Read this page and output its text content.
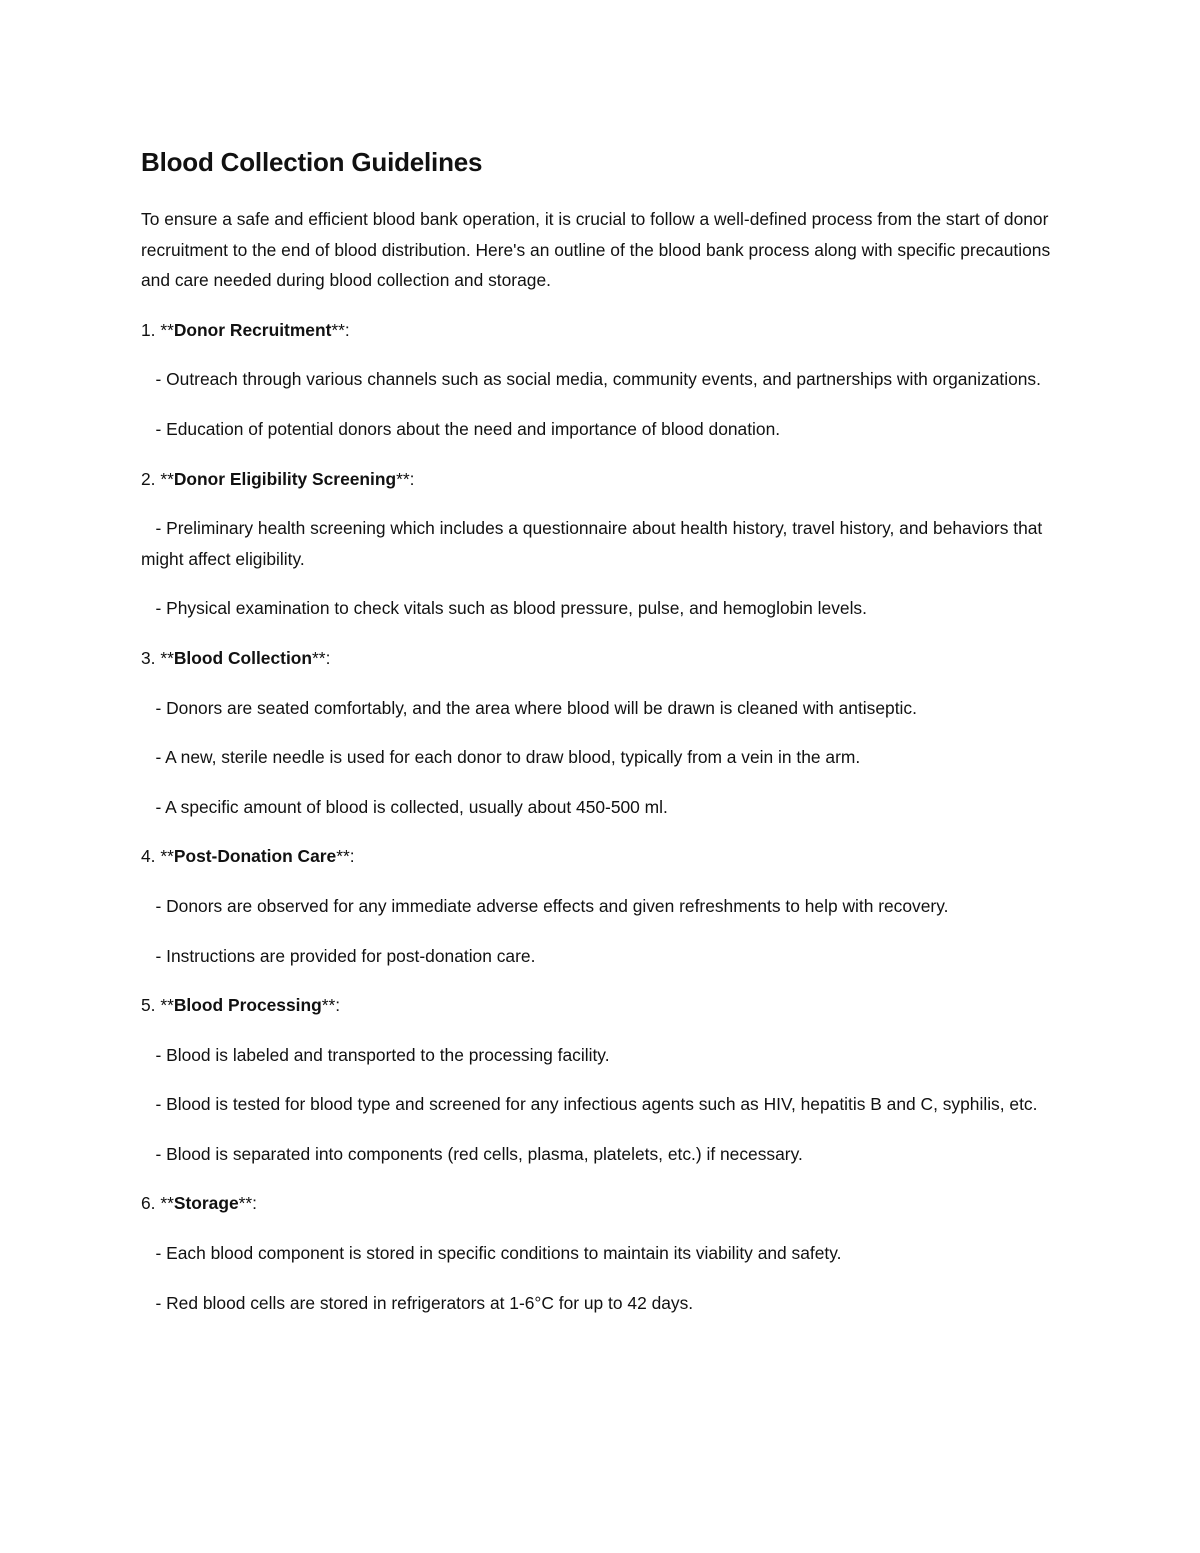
Blood Collection Guidelines

To ensure a safe and efficient blood bank operation, it is crucial to follow a well-defined process from the start of donor recruitment to the end of blood distribution. Here's an outline of the blood bank process along with specific precautions and care needed during blood collection and storage.

1. **Donor Recruitment**:

- Outreach through various channels such as social media, community events, and partnerships with organizations.

- Education of potential donors about the need and importance of blood donation.

2. **Donor Eligibility Screening**:

- Preliminary health screening which includes a questionnaire about health history, travel history, and behaviors that might affect eligibility.

- Physical examination to check vitals such as blood pressure, pulse, and hemoglobin levels.

3. **Blood Collection**:

- Donors are seated comfortably, and the area where blood will be drawn is cleaned with antiseptic.

- A new, sterile needle is used for each donor to draw blood, typically from a vein in the arm.

- A specific amount of blood is collected, usually about 450-500 ml.

4. **Post-Donation Care**:

- Donors are observed for any immediate adverse effects and given refreshments to help with recovery.

- Instructions are provided for post-donation care.

5. **Blood Processing**:

- Blood is labeled and transported to the processing facility.

- Blood is tested for blood type and screened for any infectious agents such as HIV, hepatitis B and C, syphilis, etc.

- Blood is separated into components (red cells, plasma, platelets, etc.) if necessary.

6. **Storage**:

- Each blood component is stored in specific conditions to maintain its viability and safety.

- Red blood cells are stored in refrigerators at 1-6°C for up to 42 days.
